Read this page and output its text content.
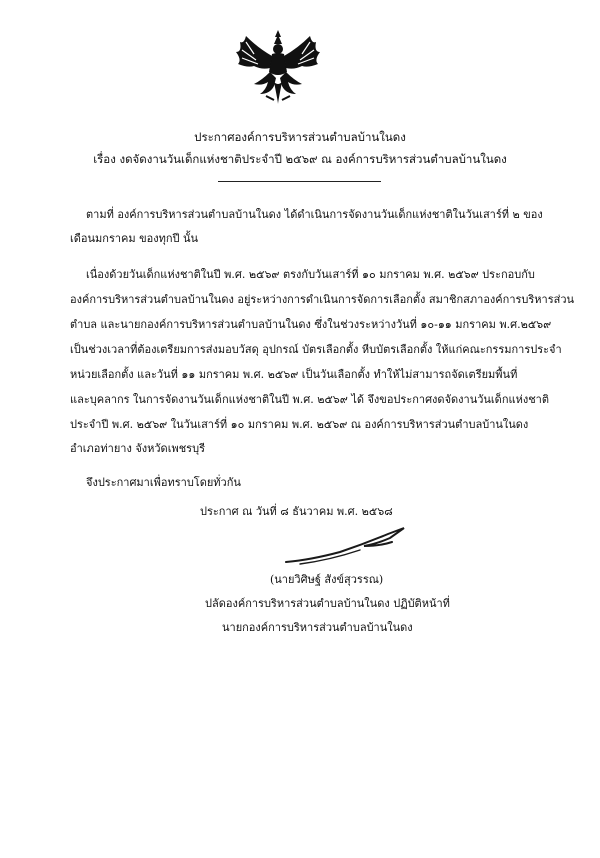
ประกาศองค์การบริหารส่วนตำบลบ้านในดง
เรื่อง งดจัดงานวันเด็กแห่งชาติประจำปี ๒๕๖๙ ณ องค์การบริหารส่วนตำบลบ้านในดง
ตามที่ องค์การบริหารส่วนตำบลบ้านในดง ได้ดำเนินการจัดงานวันเด็กแห่งชาติในวันเสาร์ที่ ๒ ของ
เดือนมกราคม ของทุกปี นั้น
เนื่องด้วยวันเด็กแห่งชาติในปี พ.ศ. ๒๕๖๙ ตรงกับวันเสาร์ที่ ๑๐ มกราคม พ.ศ. ๒๕๖๙ ประกอบกับ
องค์การบริหารส่วนตำบลบ้านในดง อยู่ระหว่างการดำเนินการจัดการเลือกตั้ง สมาชิกสภาองค์การบริหารส่วน
ตำบล และนายกองค์การบริหารส่วนตำบลบ้านในดง ซึ่งในช่วงระหว่างวันที่ ๑๐-๑๑ มกราคม พ.ศ.๒๕๖๙
เป็นช่วงเวลาที่ต้องเตรียมการส่งมอบวัสดุ อุปกรณ์ บัตรเลือกตั้ง หีบบัตรเลือกตั้ง ให้แก่คณะกรรมการประจำ
หน่วยเลือกตั้ง และวันที่ ๑๑ มกราคม พ.ศ. ๒๕๖๙ เป็นวันเลือกตั้ง ทำให้ไม่สามารถจัดเตรียมพื้นที่
และบุคลากร ในการจัดงานวันเด็กแห่งชาติในปี พ.ศ. ๒๕๖๙ ได้ จึงขอประกาศงดจัดงานวันเด็กแห่งชาติ
ประจำปี พ.ศ. ๒๕๖๙ ในวันเสาร์ที่ ๑๐ มกราคม พ.ศ. ๒๕๖๙ ณ องค์การบริหารส่วนตำบลบ้านในดง
อำเภอท่ายาง จังหวัดเพชรบุรี
จึงประกาศมาเพื่อทราบโดยทั่วกัน
ประกาศ ณ วันที่ ๘ ธันวาคม พ.ศ. ๒๕๖๘
(นายวิศิษฐ์ สังข์สุวรรณ)
ปลัดองค์การบริหารส่วนตำบลบ้านในดง ปฏิบัติหน้าที่
นายกองค์การบริหารส่วนตำบลบ้านในดง
